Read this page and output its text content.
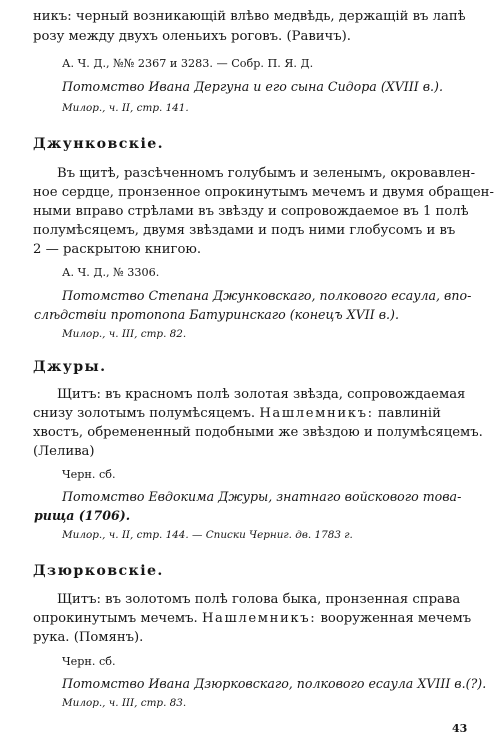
никъ: черный возникающій влѣво медвѣдь, держащій въ лапѣ

розу между двухъ оленьихъ роговъ. (Равичъ).

А. Ч. Д., №№ 2367 и 3283. — Собр. П. Я. Д.

Потомство Ивана Дергуна и его сына Сидора (XVIII в.).

Милор., ч. II, стр. 141.

Джунковскіе.

Въ щитѣ, разсѣченномъ голубымъ и зеленымъ, окровавлен-

ное сердце, пронзенное опрокинутымъ мечемъ и двумя обращен-

ными вправо стрѣлами въ звѣзду и сопровождаемое въ 1 полѣ

полумѣсяцемъ, двумя звѣздами и подъ ними глобусомъ и въ

2 — раскрытою книгою.

А. Ч. Д., № 3306.

Потомство Степана Джунковскаго, полкового есаула, впо-

слѣдствіи протопопа Батуринскаго (конецъ XVII в.).

Милор., ч. III, стр. 82.

Джуры.

Щитъ: въ красномъ полѣ золотая звѣзда, сопровождаемая

снизу золотымъ полумѣсяцемъ. Нашлемникъ: павлиній

хвостъ, обремененный подобными же звѣздою и полумѣсяцемъ.

(Лелива)

Черн. сб.

Потомство Евдокима Джуры, знатнаго войскового това-

рища (1706).

Милор., ч. II, стр. 144. — Списки Черниг. дв. 1783 г.

Дзюрковскіе.

Щитъ: въ золотомъ полѣ голова быка, пронзенная справа

опрокинутымъ мечемъ. Нашлемникъ: вооруженная мечемъ

рука. (Помянъ).

Черн. сб.

Потомство Ивана Дзюрковскаго, полкового есаула XVIII в.(?).

Милор., ч. III, стр. 83.

43
